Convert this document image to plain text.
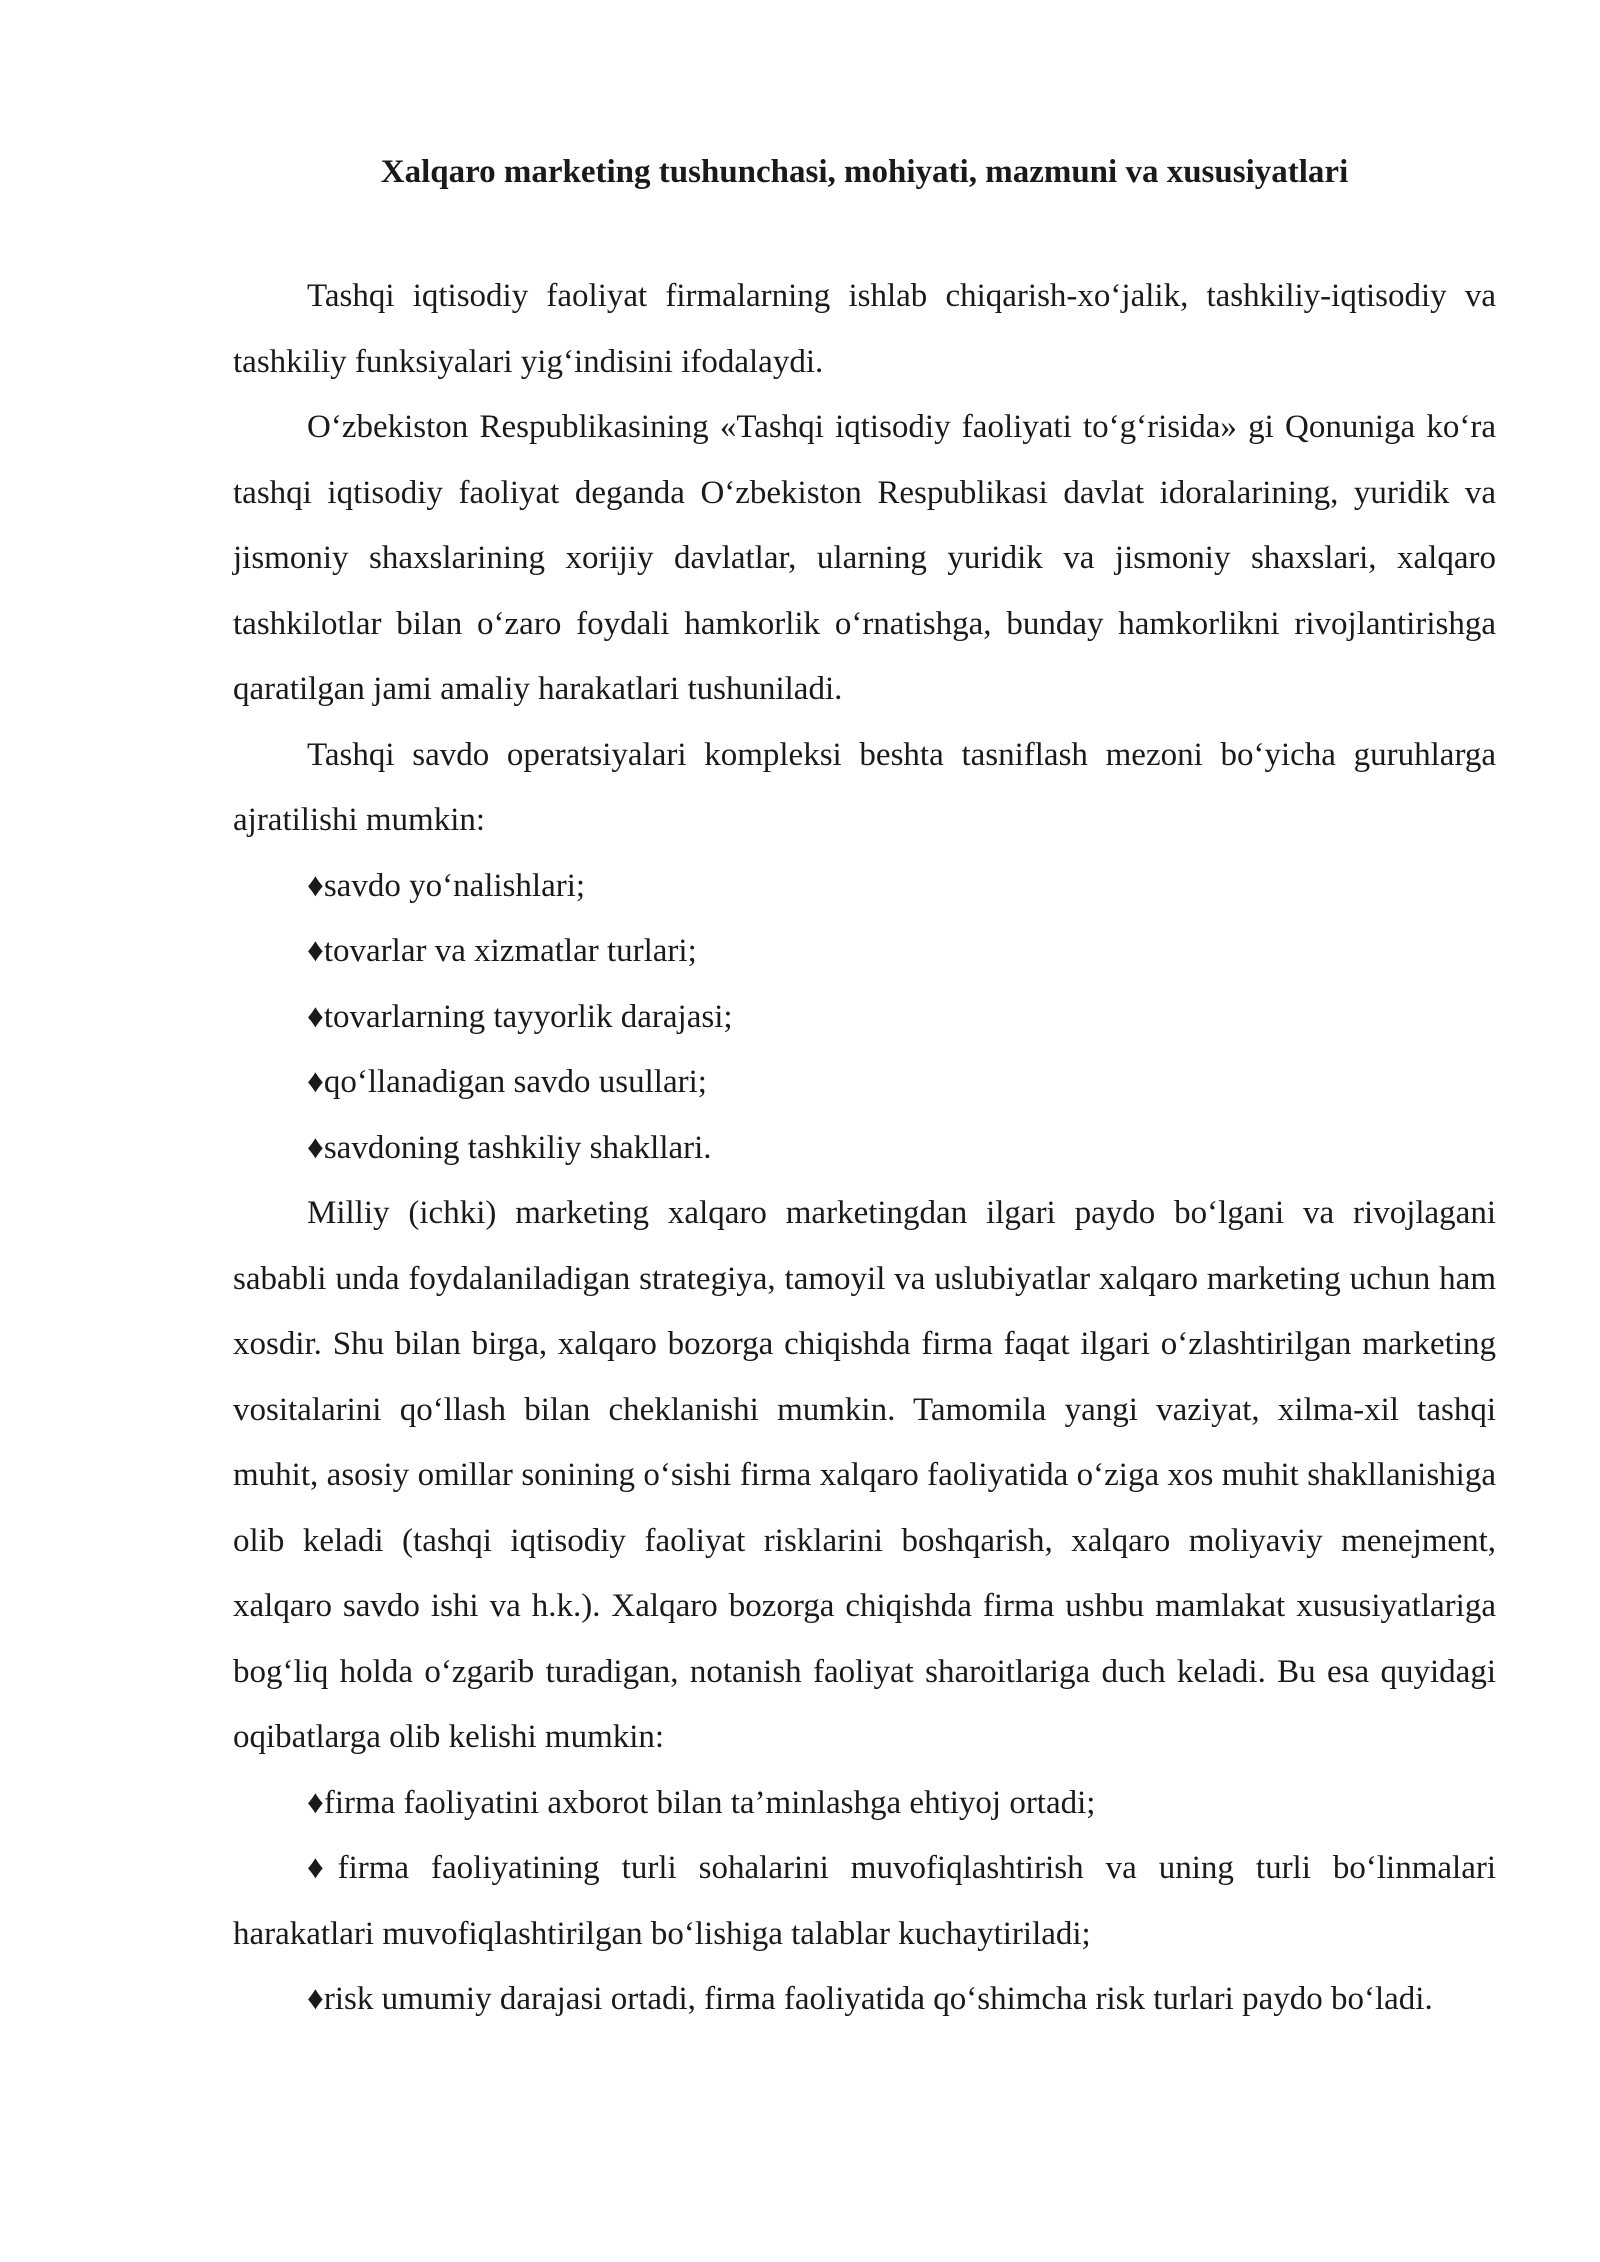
Xalqaro marketing tushunchasi, mohiyati, mazmuni va xususiyatlari

Tashqi iqtisodiy faoliyat firmalarning ishlab chiqarish-xo‘jalik, tashkiliy-iqtisodiy va tashkiliy funksiyalari yig‘indisini ifodalaydi.

O‘zbekiston Respublikasining «Tashqi iqtisodiy faoliyati to‘g‘risida» gi Qonuniga ko‘ra tashqi iqtisodiy faoliyat deganda O‘zbekiston Respublikasi davlat idoralarining, yuridik va jismoniy shaxslarining xorijiy davlatlar, ularning yuridik va jismoniy shaxslari, xalqaro tashkilotlar bilan o‘zaro foydali hamkorlik o‘rnatishga, bunday hamkorlikni rivojlantirishga qaratilgan jami amaliy harakatlari tushuniladi.

Tashqi savdo operatsiyalari kompleksi beshta tasniflash mezoni bo‘yicha guruhlarga ajratilishi mumkin:

♦savdo yo‘nalishlari;
♦tovarlar va xizmatlar turlari;
♦tovarlarning tayyorlik darajasi;
♦qo‘llanadigan savdo usullari;
♦savdoning tashkiliy shakllari.

Milliy (ichki) marketing xalqaro marketingdan ilgari paydo bo‘lgani va rivojlagani sababli unda foydalaniladigan strategiya, tamoyil va uslubiyatlar xalqaro marketing uchun ham xosdir. Shu bilan birga, xalqaro bozorga chiqishda firma faqat ilgari o‘zlashtirilgan marketing vositalarini qo‘llash bilan cheklanishi mumkin. Tamomila yangi vaziyat, xilma-xil tashqi muhit, asosiy omillar sonining o‘sishi firma xalqaro faoliyatida o‘ziga xos muhit shakllanishiga olib keladi (tashqi iqtisodiy faoliyat risklarini boshqarish, xalqaro moliyaviy menejment, xalqaro savdo ishi va h.k.). Xalqaro bozorga chiqishda firma ushbu mamlakat xususiyatlariga bog‘liq holda o‘zgarib turadigan, notanish faoliyat sharoitlariga duch keladi. Bu esa quyidagi oqibatlarga olib kelishi mumkin:

♦firma faoliyatini axborot bilan ta’minlashga ehtiyoj ortadi;
♦firma faoliyatining turli sohalarini muvofiqlashtirish va uning turli bo‘linmalari harakatlari muvofiqlashtirilgan bo‘lishiga talablar kuchaytiriladi;
♦risk umumiy darajasi ortadi, firma faoliyatida qo‘shimcha risk turlari paydo bo‘ladi.
